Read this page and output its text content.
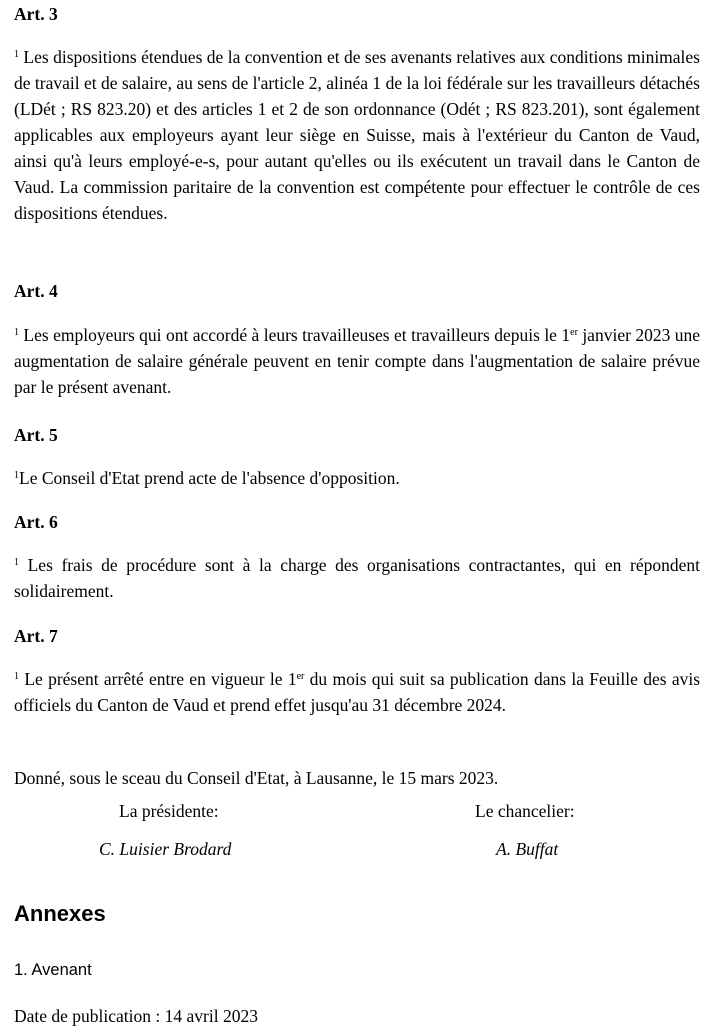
Art. 3

$^1$ Les dispositions étendues de la convention et de ses avenants relatives aux conditions minimales de travail et de salaire, au sens de l'article 2, alinéa 1 de la loi fédérale sur les travailleurs détachés (LDét ; RS 823.20) et des articles 1 et 2 de son ordonnance (Odét ; RS 823.201), sont également applicables aux employeurs ayant leur siège en Suisse, mais à l'extérieur du Canton de Vaud, ainsi qu'à leurs employé-e-s, pour autant qu'elles ou ils exécutent un travail dans le Canton de Vaud. La commission paritaire de la convention est compétente pour effectuer le contrôle de ces dispositions étendues.

Art. 4

$^1$ Les employeurs qui ont accordé à leurs travailleuses et travailleurs depuis le 1er janvier 2023 une augmentation de salaire générale peuvent en tenir compte dans l'augmentation de salaire prévue par le présent avenant.

Art. 5

$^1$Le Conseil d'Etat prend acte de l'absence d'opposition.

Art. 6

$^1$ Les frais de procédure sont à la charge des organisations contractantes, qui en répondent solidairement.

Art. 7

$^1$ Le présent arrêté entre en vigueur le 1er du mois qui suit sa publication dans la Feuille des avis officiels du Canton de Vaud et prend effet jusqu'au 31 décembre 2024.

Donné, sous le sceau du Conseil d'Etat, à Lausanne, le 15 mars 2023.

La présidente:	Le chancelier:
C. Luisier Brodard	A. Buffat

Annexes

1. Avenant

Date de publication : 14 avril 2023
